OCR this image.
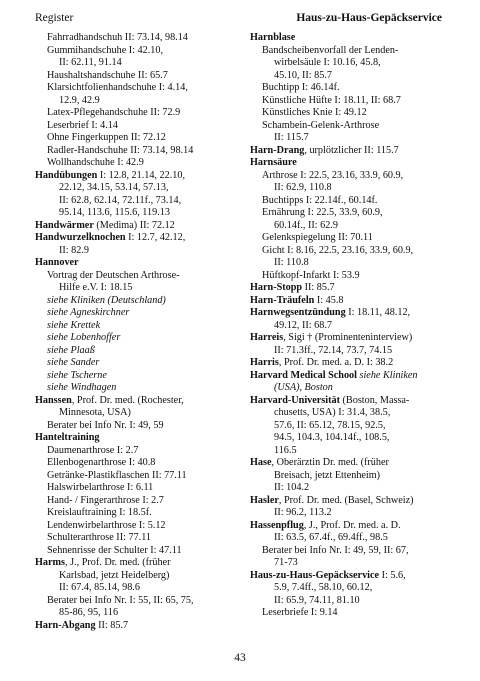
Register	Haus-zu-Haus-Gepäckservice
Fahrradhandschuh II: 73.14, 98.14
Gummihandschuhe I: 42.10,
II: 62.11, 91.14
Haushaltshandschuhe II: 65.7
Klarsichtfolienhandschuhe I: 4.14,
12.9, 42.9
Latex-Pflegehandschuhe II: 72.9
Leserbrief I: 4.14
Ohne Fingerkuppen II: 72.12
Radler-Handschuhe II: 73.14, 98.14
Wollhandschuhe I: 42.9
Handübungen I: 12.8, 21.14, 22.10,
22.12, 34.15, 53.14, 57.13,
II: 62.8, 62.14, 72.11f., 73.14,
95.14, 113.6, 115.6, 119.13
Handwärmer (Medima) II: 72.12
Handwurzelknochen I: 12.7, 42.12,
II: 82.9
Hannover
Vortrag der Deutschen Arthrose-
Hilfe e.V. I: 18.15
siehe Kliniken (Deutschland)
siehe Agneskirchner
siehe Krettek
siehe Lobenhoffer
siehe Plaaß
siehe Sander
siehe Tscherne
siehe Windhagen
Hanssen, Prof. Dr. med. (Rochester,
Minnesota, USA)
Berater bei Info Nr. I: 49, 59
Hanteltraining
Daumenarthrose I: 2.7
Ellenbogenarthrose I: 40.8
Getränke-Plastikflaschen II: 77.11
Halswirbelarthrose I: 6.11
Hand- / Fingerarthrose I: 2.7
Kreislauftraining I: 18.5f.
Lendenwirbelarthrose I: 5.12
Schulterarthrose II: 77.11
Sehnenrisse der Schulter I: 47.11
Harms, J., Prof. Dr. med. (früher
Karlsbad, jetzt Heidelberg)
II: 67.4, 85.14, 98.6
Berater bei Info Nr. I: 55, II: 65, 75,
85-86, 95, 116
Harn-Abgang II: 85.7
Harnblase
Bandscheibenvorfall der Lenden-
wirbelsäule I: 10.16, 45.8,
45.10, II: 85.7
Buchtipp I: 46.14f.
Künstliche Hüfte I: 18.11, II: 68.7
Künstliches Knie I: 49.12
Schambein-Gelenk-Arthrose
II: 115.7
Harn-Drang, urplötzlicher II: 115.7
Harnsäure
Arthrose I: 22.5, 23.16, 33.9, 60.9,
II: 62.9, 110.8
Buchtipps I: 22.14f., 60.14f.
Ernährung I: 22.5, 33.9, 60.9,
60.14f., II: 62.9
Gelenkspiegelung II: 70.11
Gicht I: 8.16, 22.5, 23.16, 33.9, 60.9,
II: 110.8
Hüftkopf-Infarkt I: 53.9
Harn-Stopp II: 85.7
Harn-Träufeln I: 45.8
Harnwegsentzündung I: 18.11, 48.12,
49.12, II: 68.7
Harreis, Sigi † (Prominenteninterview)
II: 71.3ff., 72.14, 73.7, 74.15
Harris, Prof. Dr. med. a. D. I: 38.2
Harvard Medical School siehe Kliniken
(USA), Boston
Harvard-Universität (Boston, Massa-
chusetts, USA) I: 31.4, 38.5,
57.6, II: 65.12, 78.15, 92.5,
94.5, 104.3, 104.14f., 108.5,
116.5
Hase, Oberärztin Dr. med. (früher
Breisach, jetzt Ettenheim)
II: 104.2
Hasler, Prof. Dr. med. (Basel, Schweiz)
II: 96.2, 113.2
Hassenpflug, J., Prof. Dr. med. a. D.
II: 63.5, 67.4f., 69.4ff., 98.5
Berater bei Info Nr. I: 49, 59, II: 67,
71-73
Haus-zu-Haus-Gepäckservice I: 5.6,
5.9, 7.4ff., 58.10, 60.12,
II: 65.9, 74.11, 81.10
Leserbriefe I: 9.14
43
